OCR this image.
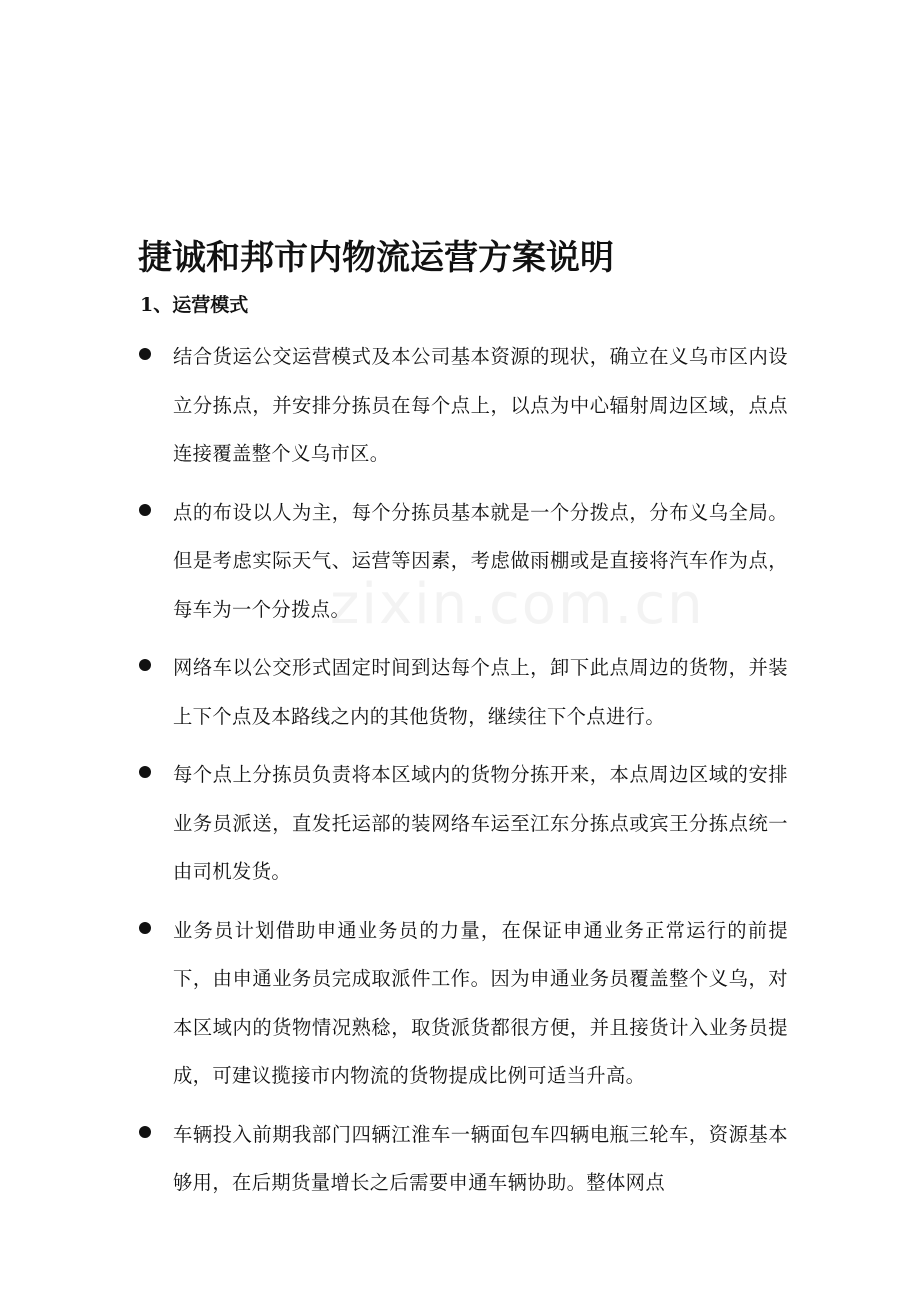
zixin.com.cn
捷诚和邦市内物流运营方案说明
1、运营模式
结合货运公交运营模式及本公司基本资源的现状，确立在义乌市区内设立分拣点，并安排分拣员在每个点上，以点为中心辐射周边区域，点点连接覆盖整个义乌市区。
点的布设以人为主，每个分拣员基本就是一个分拨点，分布义乌全局。但是考虑实际天气、运营等因素，考虑做雨棚或是直接将汽车作为点，每车为一个分拨点。
网络车以公交形式固定时间到达每个点上，卸下此点周边的货物，并装上下个点及本路线之内的其他货物，继续往下个点进行。
每个点上分拣员负责将本区域内的货物分拣开来，本点周边区域的安排业务员派送，直发托运部的装网络车运至江东分拣点或宾王分拣点统一由司机发货。
业务员计划借助申通业务员的力量，在保证申通业务正常运行的前提下，由申通业务员完成取派件工作。因为申通业务员覆盖整个义乌，对本区域内的货物情况熟稔，取货派货都很方便，并且接货计入业务员提成，可建议揽接市内物流的货物提成比例可适当升高。
车辆投入前期我部门四辆江淮车一辆面包车四辆电瓶三轮车，资源基本够用，在后期货量增长之后需要申通车辆协助。整体网点
